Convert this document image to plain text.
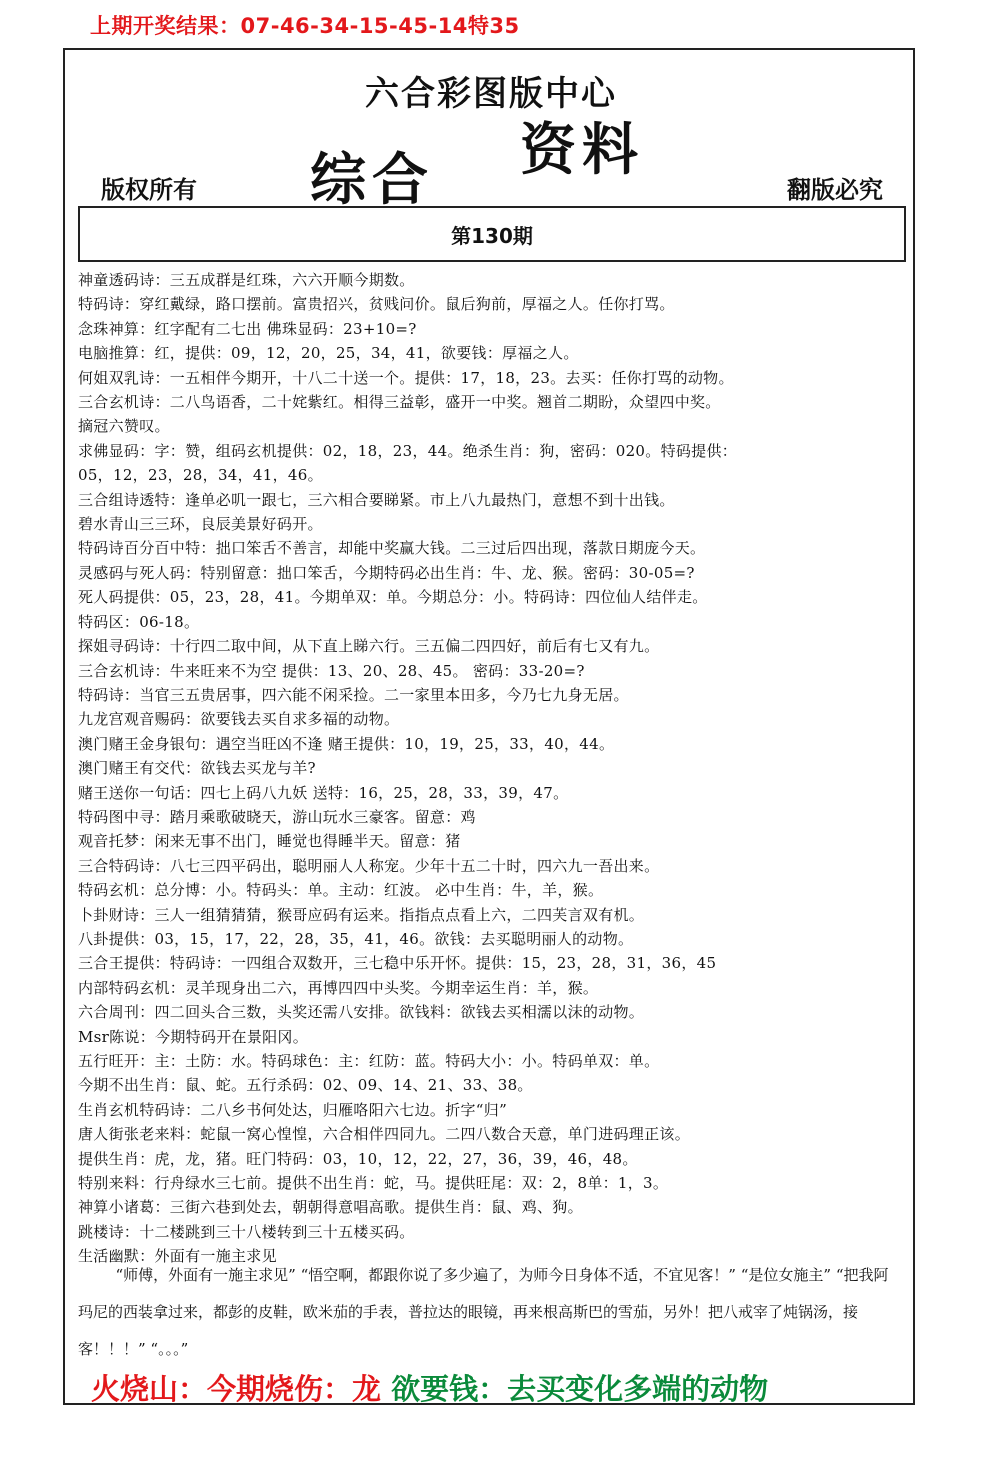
上期开奖结果：07-46-34-15-45-14特35
六合彩图版中心
综合 资料
版权所有	翻版必究
第130期
神童透码诗：三五成群是红珠，六六开顺今期数。
特码诗：穿红戴绿，路口摆前。富贵招兴，贫贱问价。鼠后狗前，厚福之人。任你打骂。
念珠神算：红字配有二七出 佛珠显码：23+10=?
电脑推算：红，提供：09，12，20，25，34，41，欲要钱：厚福之人。
何姐双乳诗：一五相伴今期开，十八二十送一个。提供：17，18，23。去买：任你打骂的动物。
三合玄机诗：二八鸟语香，二十姹紫红。相得三益彰，盛开一中奖。翘首二期盼，众望四中奖。
摘冠六赞叹。
求佛显码：字：赞，组码玄机提供：02，18，23，44。绝杀生肖：狗，密码：020。特码提供：
05，12，23，28，34，41，46。
三合组诗透特：逢单必叽一跟七，三六相合要睇紧。市上八九最热门，意想不到十出钱。
碧水青山三三环，良辰美景好码开。
特码诗百分百中特：拙口笨舌不善言，却能中奖赢大钱。二三过后四出现，落款日期庞今天。
灵感码与死人码：特别留意：拙口笨舌，今期特码必出生肖：牛、龙、猴。密码：30-05=?
死人码提供：05，23，28，41。今期单双：单。今期总分：小。特码诗：四位仙人结伴走。
特码区：06-18。
探姐寻码诗：十行四二取中间，从下直上睇六行。三五偏二四四好，前后有七又有九。
三合玄机诗：牛来旺来不为空 提供：13、20、28、45。 密码：33-20=?
特码诗：当官三五贵居事，四六能不闲采捡。二一家里本田多，今乃七九身无居。
九龙宫观音赐码：欲要钱去买自求多福的动物。
澳门赌王金身银句：遇空当旺凶不逢 赌王提供：10，19，25，33，40，44。
澳门赌王有交代：欲钱去买龙与羊?
赌王送你一句话：四七上码八九妖 送特：16，25，28，33，39，47。
特码图中寻：踏月乘歌破晓天，游山玩水三豪客。留意：鸡
观音托梦：闲来无事不出门，睡觉也得睡半天。留意：猪
三合特码诗：八七三四平码出，聪明丽人人称宠。少年十五二十时，四六九一吾出来。
特码玄机：总分博：小。特码头：单。主动：红波。 必中生肖：牛，羊，猴。
卜卦财诗：三人一组猜猜猜，猴哥应码有运来。指指点点看上六，二四芙言双有机。
八卦提供：03，15，17，22，28，35，41，46。欲钱：去买聪明丽人的动物。
三合王提供：特码诗：一四组合双数开，三七稳中乐开怀。提供：15，23，28，31，36，45
内部特码玄机：灵羊现身出二六，再博四四中头奖。今期幸运生肖：羊，猴。
六合周刊：四二回头合三数，头奖还需八安排。欲钱料：欲钱去买相濡以沫的动物。
Msr陈说：今期特码开在景阳冈。
五行旺开：主：土防：水。特码球色：主：红防：蓝。特码大小：小。特码单双：单。
今期不出生肖：鼠、蛇。五行杀码：02、09、14、21、33、38。
生肖玄机特码诗：二八乡书何处达，归雁咯阳六七边。折字“归”
唐人街张老来料：蛇鼠一窝心惶惶，六合相伴四同九。二四八数合天意，单门进码理正该。
提供生肖：虎，龙，猪。旺门特码：03，10，12，22，27，36，39，46，48。
特别来料：行舟绿水三七前。提供不出生肖：蛇，马。提供旺尾：双：2，8单：1，3。
神算小诸葛：三街六巷到处去，朝朝得意唱高歌。提供生肖：鼠、鸡、狗。
跳楼诗：十二楼跳到三十八楼转到三十五楼买码。
生活幽默：外面有一施主求见

“师傅，外面有一施主求见” “悟空啊，都跟你说了多少遍了，为师今日身体不适，不宜见客！” “是位女施主” “把我阿玛尼的西装拿过来，都彭的皮鞋，欧米茄的手表，普拉达的眼镜，再来根高斯巴的雪茄，另外！把八戒宰了炖锅汤，接客！！！” “。。。”

火烧山：今期烧伤：龙 欲要钱：去买变化多端的动物
